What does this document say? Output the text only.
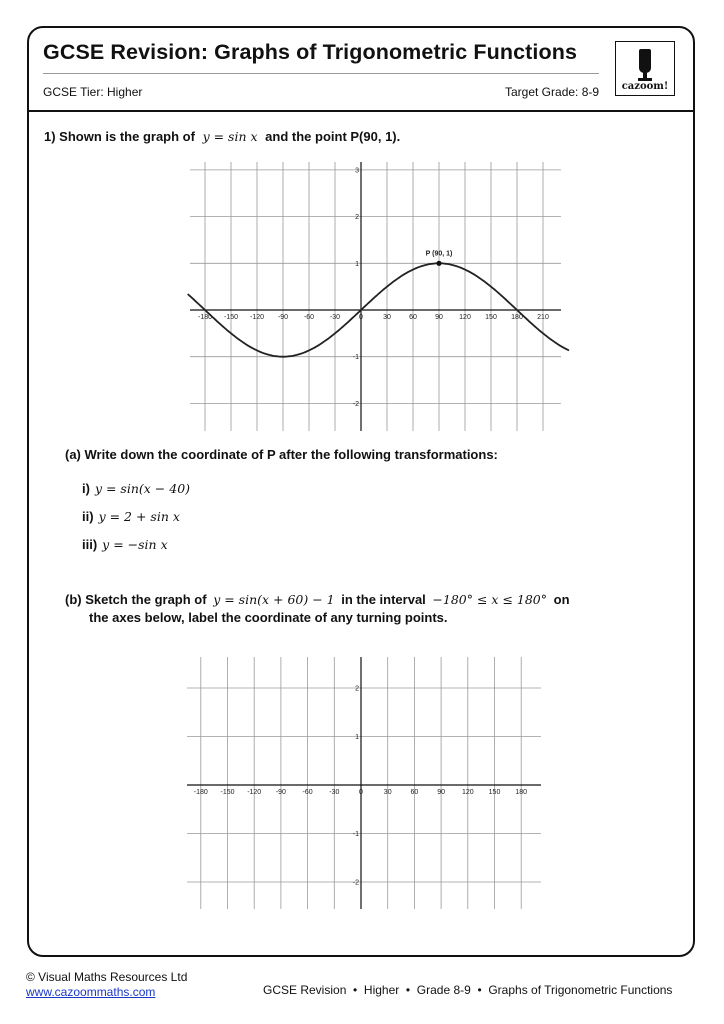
GCSE Revision: Graphs of Trigonometric Functions
GCSE Tier: Higher	Target Grade: 8-9	cazoom!
1) Shown is the graph of y = sin x and the point P(90, 1).
-180 -150 -120 -90 -60 -30	0	30	60	90 120 150 180 210
-2
-1
1
2
3
P (90, 1)
(a) Write down the coordinate of P after the following transformations:
i) y = sin(x − 40)
ii) y = 2 + sin x
iii) y = −sin x
(b) Sketch the graph of y = sin(x + 60) − 1 in the interval −180° ≤ x ≤ 180° on
the axes below, label the coordinate of any turning points.
-180 -150 -120 -90 -60 -30	0	30	60	90 120 150 180
-2
-1
1
2
© Visual Maths Resources Ltd
www.cazoommaths.com	GCSE Revision  •  Higher  •  Grade 8-9  •  Graphs of Trigonometric Functions
